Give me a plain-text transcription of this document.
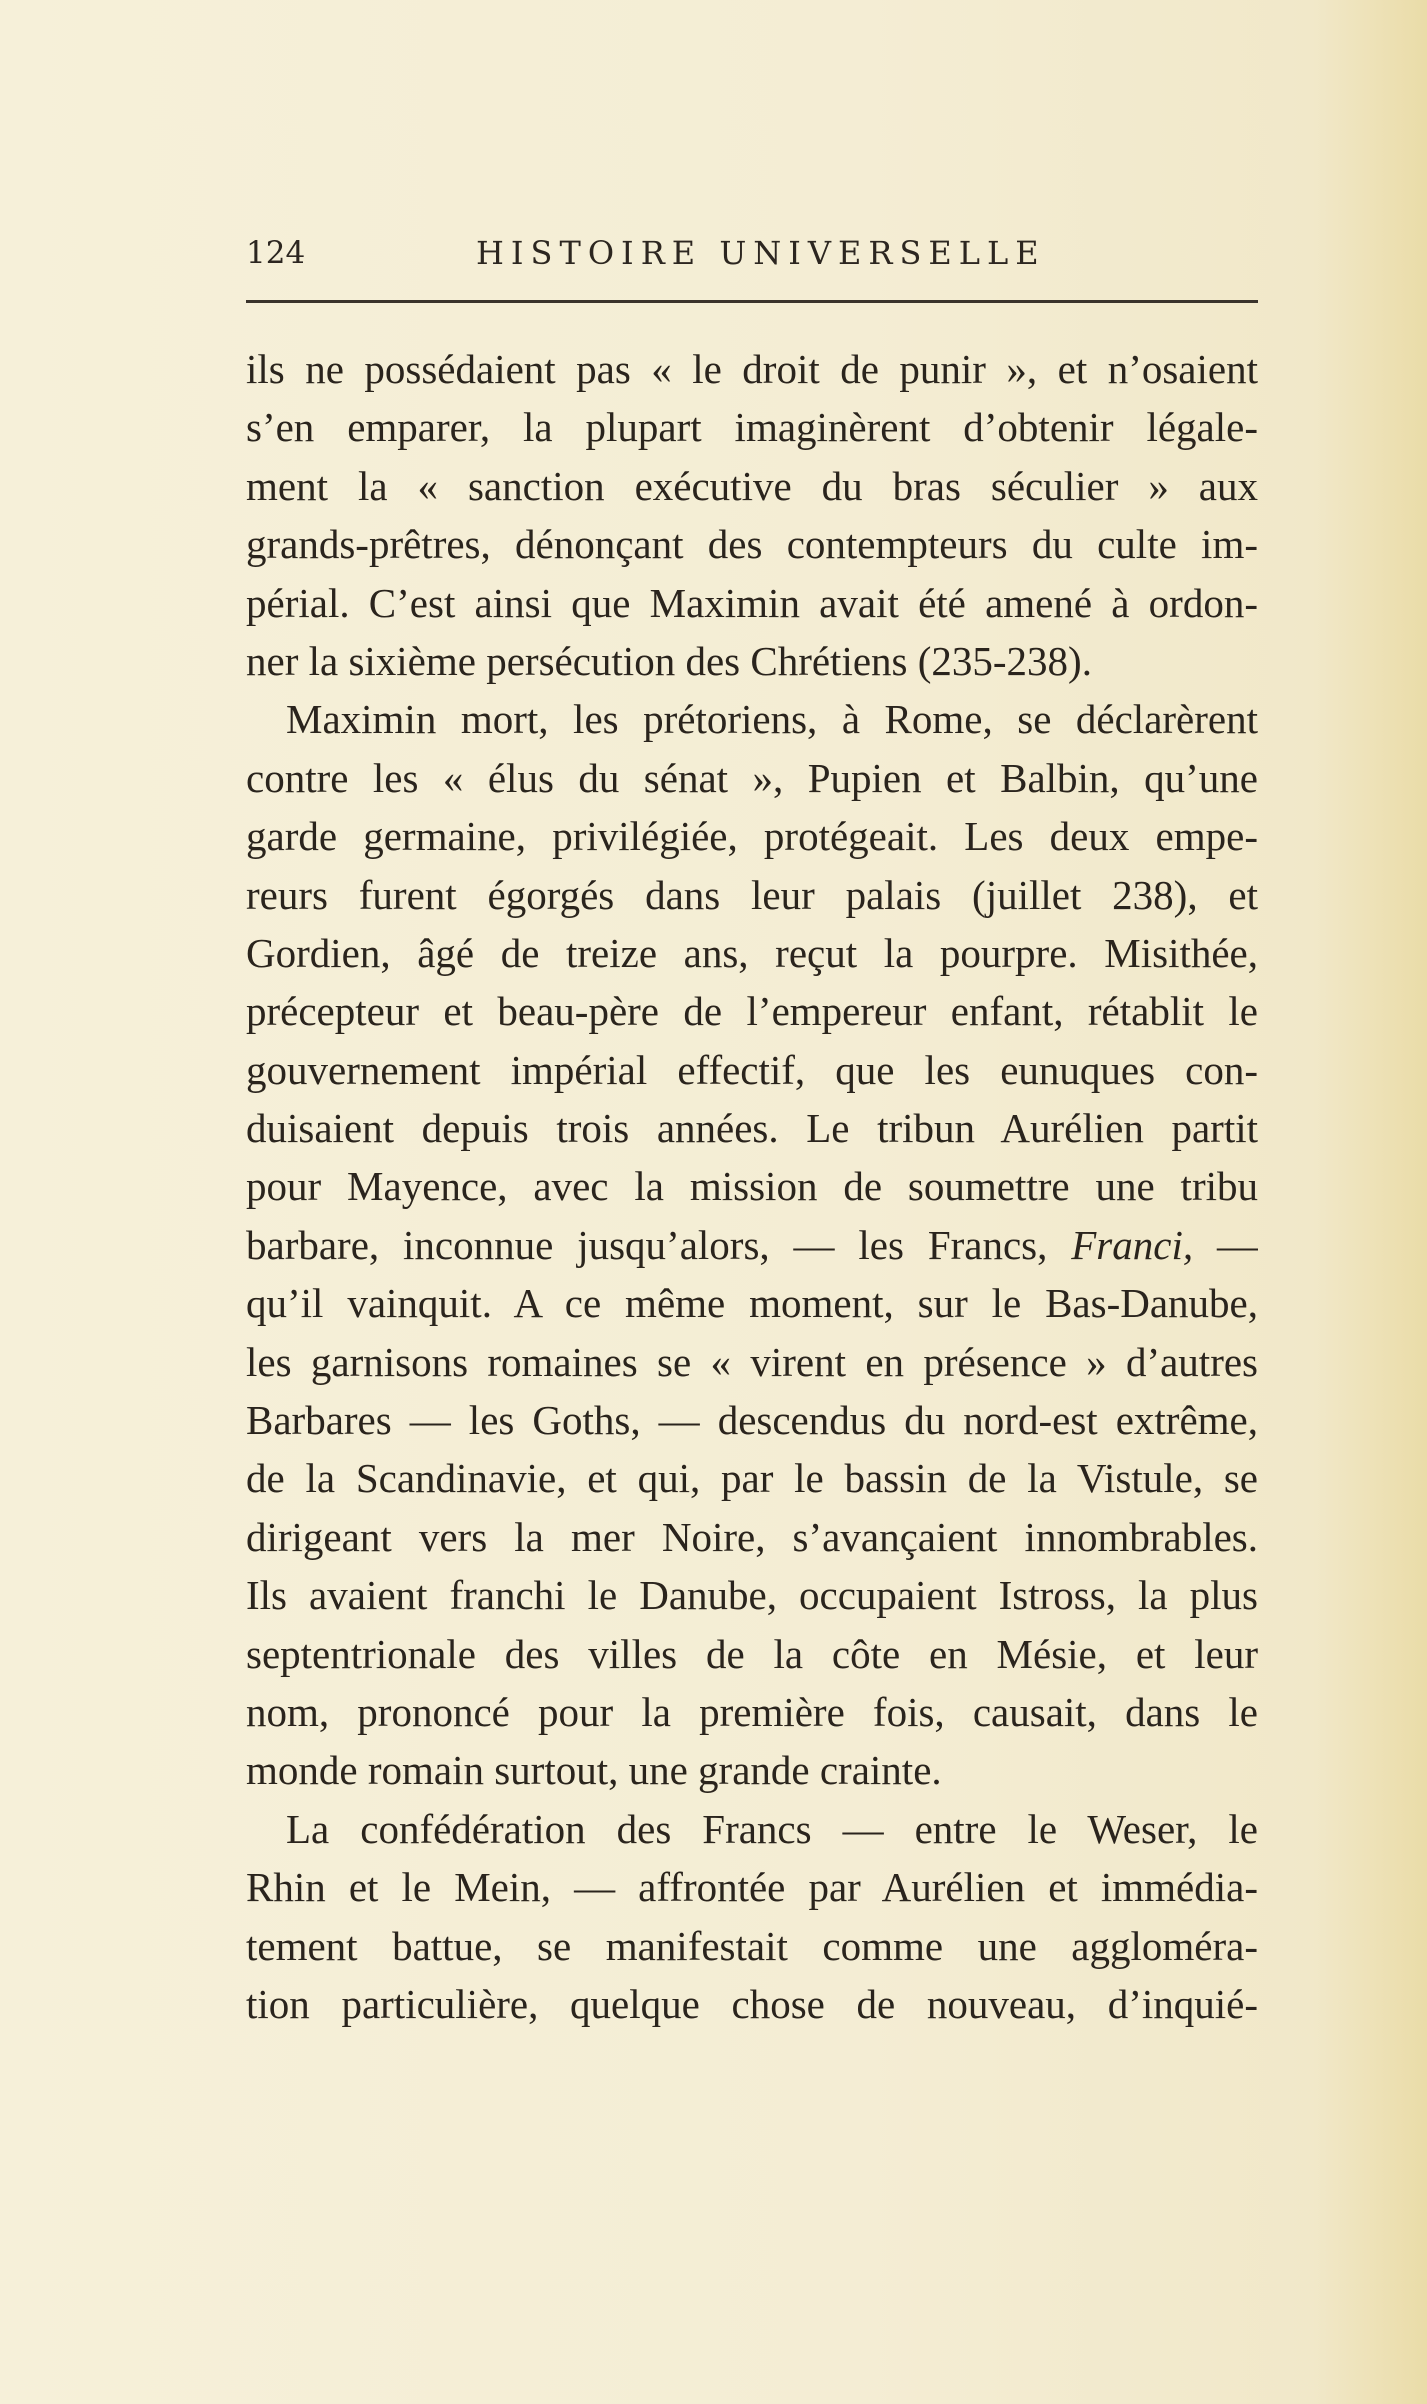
124	HISTOIRE UNIVERSELLE
ils ne possédaient pas « le droit de punir », et n’osaient
s’en emparer, la plupart imaginèrent d’obtenir légale-
ment la « sanction exécutive du bras séculier » aux
grands-prêtres, dénonçant des contempteurs du culte im-
périal. C’est ainsi que Maximin avait été amené à ordon-
ner la sixième persécution des Chrétiens (235-238).
Maximin mort, les prétoriens, à Rome, se déclarèrent
contre les « élus du sénat », Pupien et Balbin, qu’une
garde germaine, privilégiée, protégeait. Les deux empe-
reurs furent égorgés dans leur palais (juillet 238), et
Gordien, âgé de treize ans, reçut la pourpre. Misithée,
précepteur et beau-père de l’empereur enfant, rétablit le
gouvernement impérial effectif, que les eunuques con-
duisaient depuis trois années. Le tribun Aurélien partit
pour Mayence, avec la mission de soumettre une tribu
barbare, inconnue jusqu’alors, — les Francs, Franci, —
qu’il vainquit. A ce même moment, sur le Bas-Danube,
les garnisons romaines se « virent en présence » d’autres
Barbares — les Goths, — descendus du nord-est extrême,
de la Scandinavie, et qui, par le bassin de la Vistule, se
dirigeant vers la mer Noire, s’avançaient innombrables.
Ils avaient franchi le Danube, occupaient Istross, la plus
septentrionale des villes de la côte en Mésie, et leur
nom, prononcé pour la première fois, causait, dans le
monde romain surtout, une grande crainte.
La confédération des Francs — entre le Weser, le
Rhin et le Mein, — affrontée par Aurélien et immédia-
tement battue, se manifestait comme une aggloméra-
tion particulière, quelque chose de nouveau, d’inquié-
